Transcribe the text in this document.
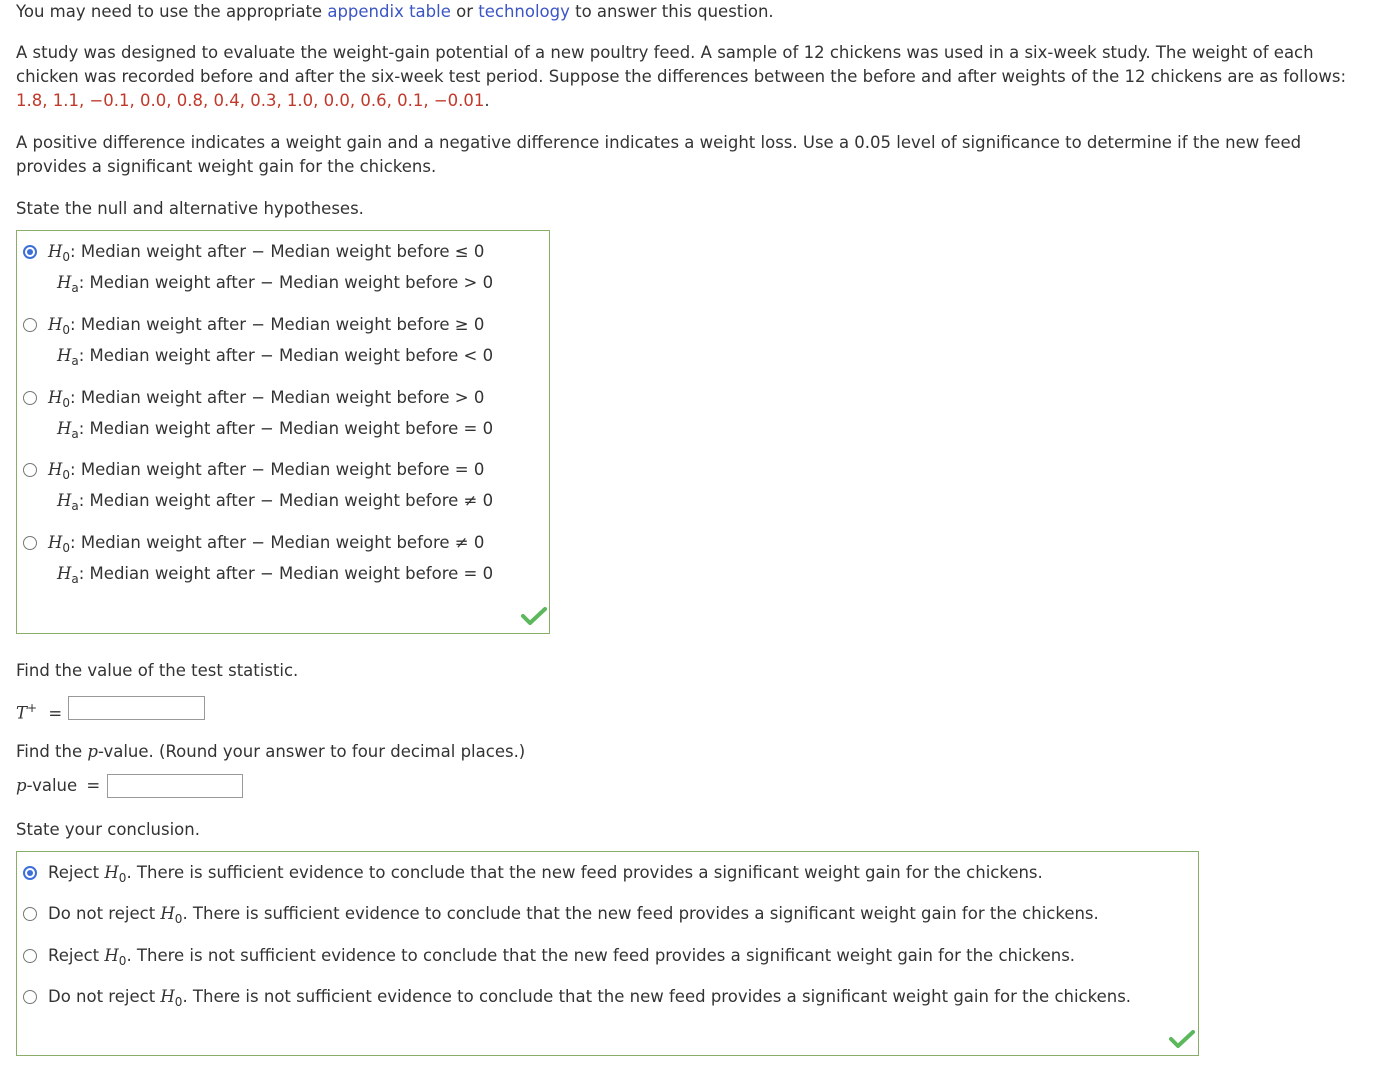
You may need to use the appropriate appendix table or technology to answer this question.
A study was designed to evaluate the weight-gain potential of a new poultry feed. A sample of 12 chickens was used in a six-week study. The weight of each chicken was recorded before and after the six-week test period. Suppose the differences between the before and after weights of the 12 chickens are as follows: 1.8, 1.1, −0.1, 0.0, 0.8, 0.4, 0.3, 1.0, 0.0, 0.6, 0.1, −0.01.
A positive difference indicates a weight gain and a negative difference indicates a weight loss. Use a 0.05 level of significance to determine if the new feed provides a significant weight gain for the chickens.
State the null and alternative hypotheses.
$H_0$: Median weight after − Median weight before ≤ 0
$H_a$: Median weight after − Median weight before > 0
$H_0$: Median weight after − Median weight before ≥ 0
$H_a$: Median weight after − Median weight before < 0
$H_0$: Median weight after − Median weight before > 0
$H_a$: Median weight after − Median weight before = 0
$H_0$: Median weight after − Median weight before = 0
$H_a$: Median weight after − Median weight before ≠ 0
$H_0$: Median weight after − Median weight before ≠ 0
$H_a$: Median weight after − Median weight before = 0
Find the value of the test statistic.
T+ =
Find the p-value. (Round your answer to four decimal places.)
p-value =
State your conclusion.
Reject $H_0$. There is sufficient evidence to conclude that the new feed provides a significant weight gain for the chickens.
Do not reject $H_0$. There is sufficient evidence to conclude that the new feed provides a significant weight gain for the chickens.
Reject $H_0$. There is not sufficient evidence to conclude that the new feed provides a significant weight gain for the chickens.
Do not reject $H_0$. There is not sufficient evidence to conclude that the new feed provides a significant weight gain for the chickens.
